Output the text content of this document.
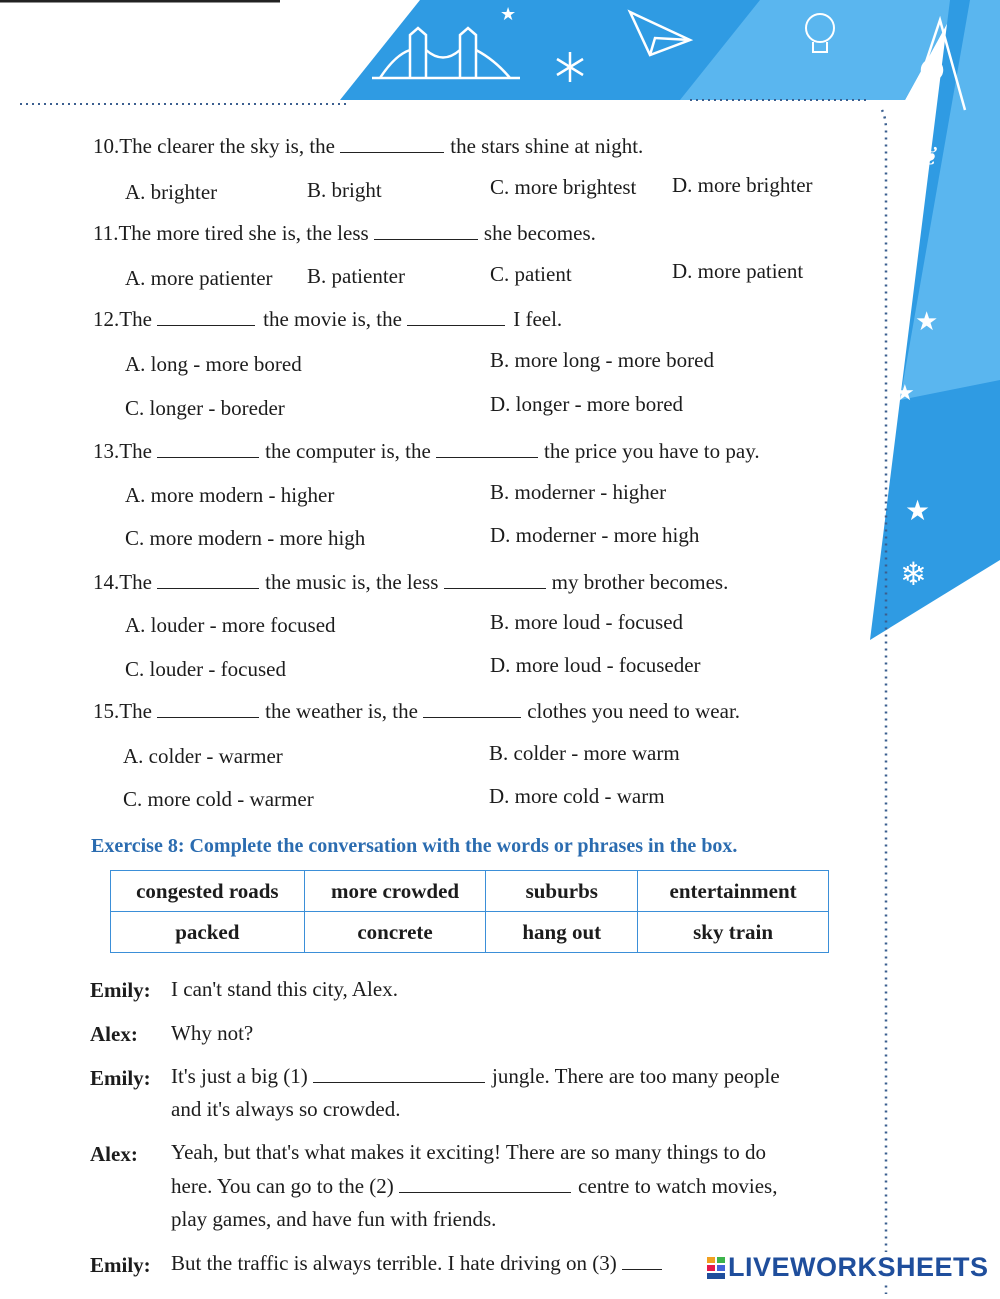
★
★
★
★
❄
❦
10.The clearer the sky is, the	the stars shine at night.
A. brighter	B. bright	C. more brightest D. more brighter
11.The more tired she is, the less	she becomes.
A. more patienter B. patienter	C. patient	D. more patient
12.The	the movie is, the	I feel.
A. long - more bored	B. more long - more bored
C. longer - boreder	D. longer - more bored
13.The	the computer is, the	the price you have to pay.
A. more modern - higher	B. moderner - higher
C. more modern - more high	D. moderner - more high
14.The	the music is, the less	my brother becomes.
A. louder - more focused	B. more loud - focused
C. louder - focused	D. more loud - focuseder
15.The	the weather is, the	clothes you need to wear.
A. colder - warmer	B. colder - more warm
C. more cold - warmer	D. more cold - warm
Exercise 8: Complete the conversation with the words or phrases in the box.
congested roads	more crowded	suburbs	entertainment
packed	concrete	hang out	sky train
Emily: I can't stand this city, Alex.
Alex: Why not?
Emily: It's just a big (1)	jungle. There are too many people
and it's always so crowded.
Alex: Yeah, but that's what makes it exciting! There are so many things to do
here. You can go to the (2)	centre to watch movies,
play games, and have fun with friends.
Emily: But the traffic is always terrible. I hate driving on (3)	LIVEWORKSHEETS
